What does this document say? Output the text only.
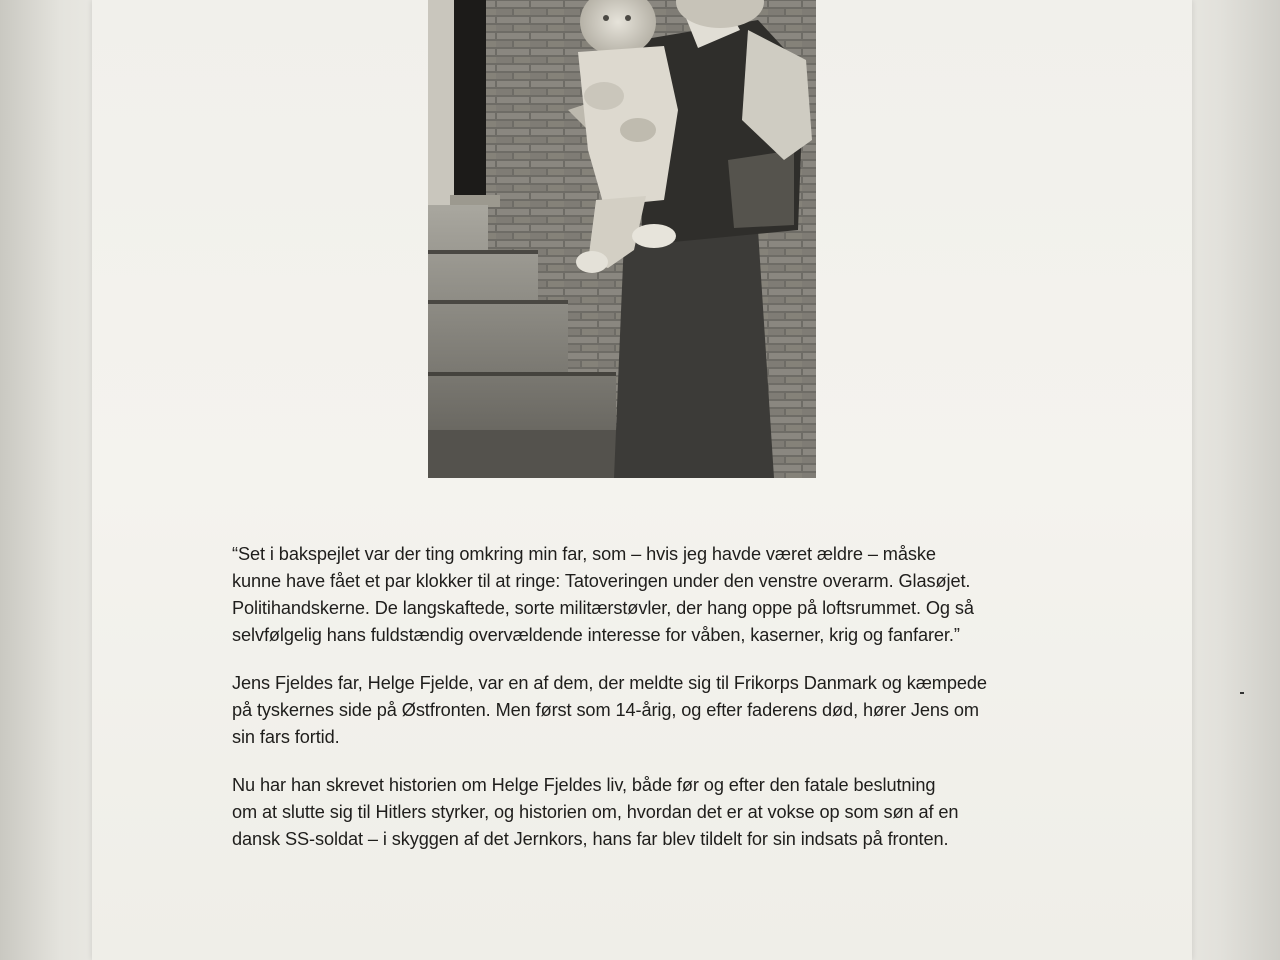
“Set i bakspejlet var der ting omkring min far, som – hvis jeg havde været ældre – måske
kunne have fået et par klokker til at ringe: Tatoveringen under den venstre overarm. Glasøjet.
Politihandskerne. De langskaftede, sorte militærstøvler, der hang oppe på loftsrummet. Og så
selvfølgelig hans fuldstændig overvældende interesse for våben, kaserner, krig og fanfarer.”

Jens Fjeldes far, Helge Fjelde, var en af dem, der meldte sig til Frikorps Danmark og kæmpede
på tyskernes side på Østfronten. Men først som 14-årig, og efter faderens død, hører Jens om
sin fars fortid.

Nu har han skrevet historien om Helge Fjeldes liv, både før og efter den fatale beslutning
om at slutte sig til Hitlers styrker, og historien om, hvordan det er at vokse op som søn af en
dansk SS-soldat – i skyggen af det Jernkors, hans far blev tildelt for sin indsats på fronten.
